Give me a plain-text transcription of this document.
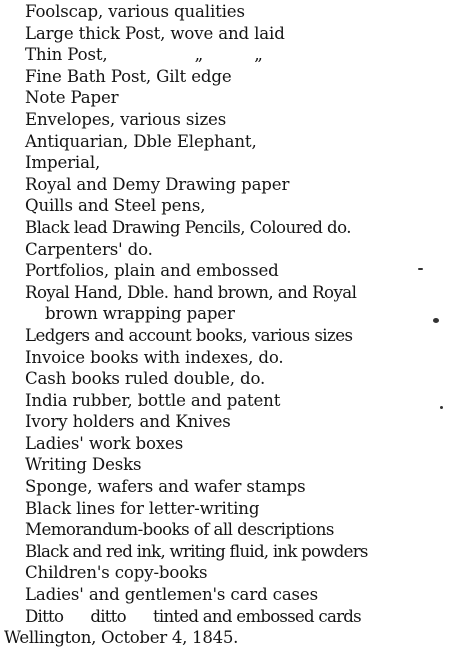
Foolscap, various qualities
Large thick Post, wove and laid
Thin Post,                 „          „
Fine Bath Post, Gilt edge
Note Paper
Envelopes, various sizes
Antiquarian, Dble Elephant,
Imperial,
Royal and Demy Drawing paper
Quills and Steel pens,
Black lead Drawing Pencils, Coloured do.
Carpenters' do.
Portfolios, plain and embossed
Royal Hand, Dble. hand brown, and Royal
brown wrapping paper
Ledgers and account books, various sizes
Invoice books with indexes, do.
Cash books ruled double, do.
India rubber, bottle and patent
Ivory holders and Knives
Ladies' work boxes
Writing Desks
Sponge, wafers and wafer stamps
Black lines for letter-writing
Memorandum-books of all descriptions
Black and red ink, writing fluid, ink powders
Children's copy-books
Ladies' and gentlemen's card cases
Ditto      ditto      tinted and embossed cards
Wellington, October 4, 1845.
